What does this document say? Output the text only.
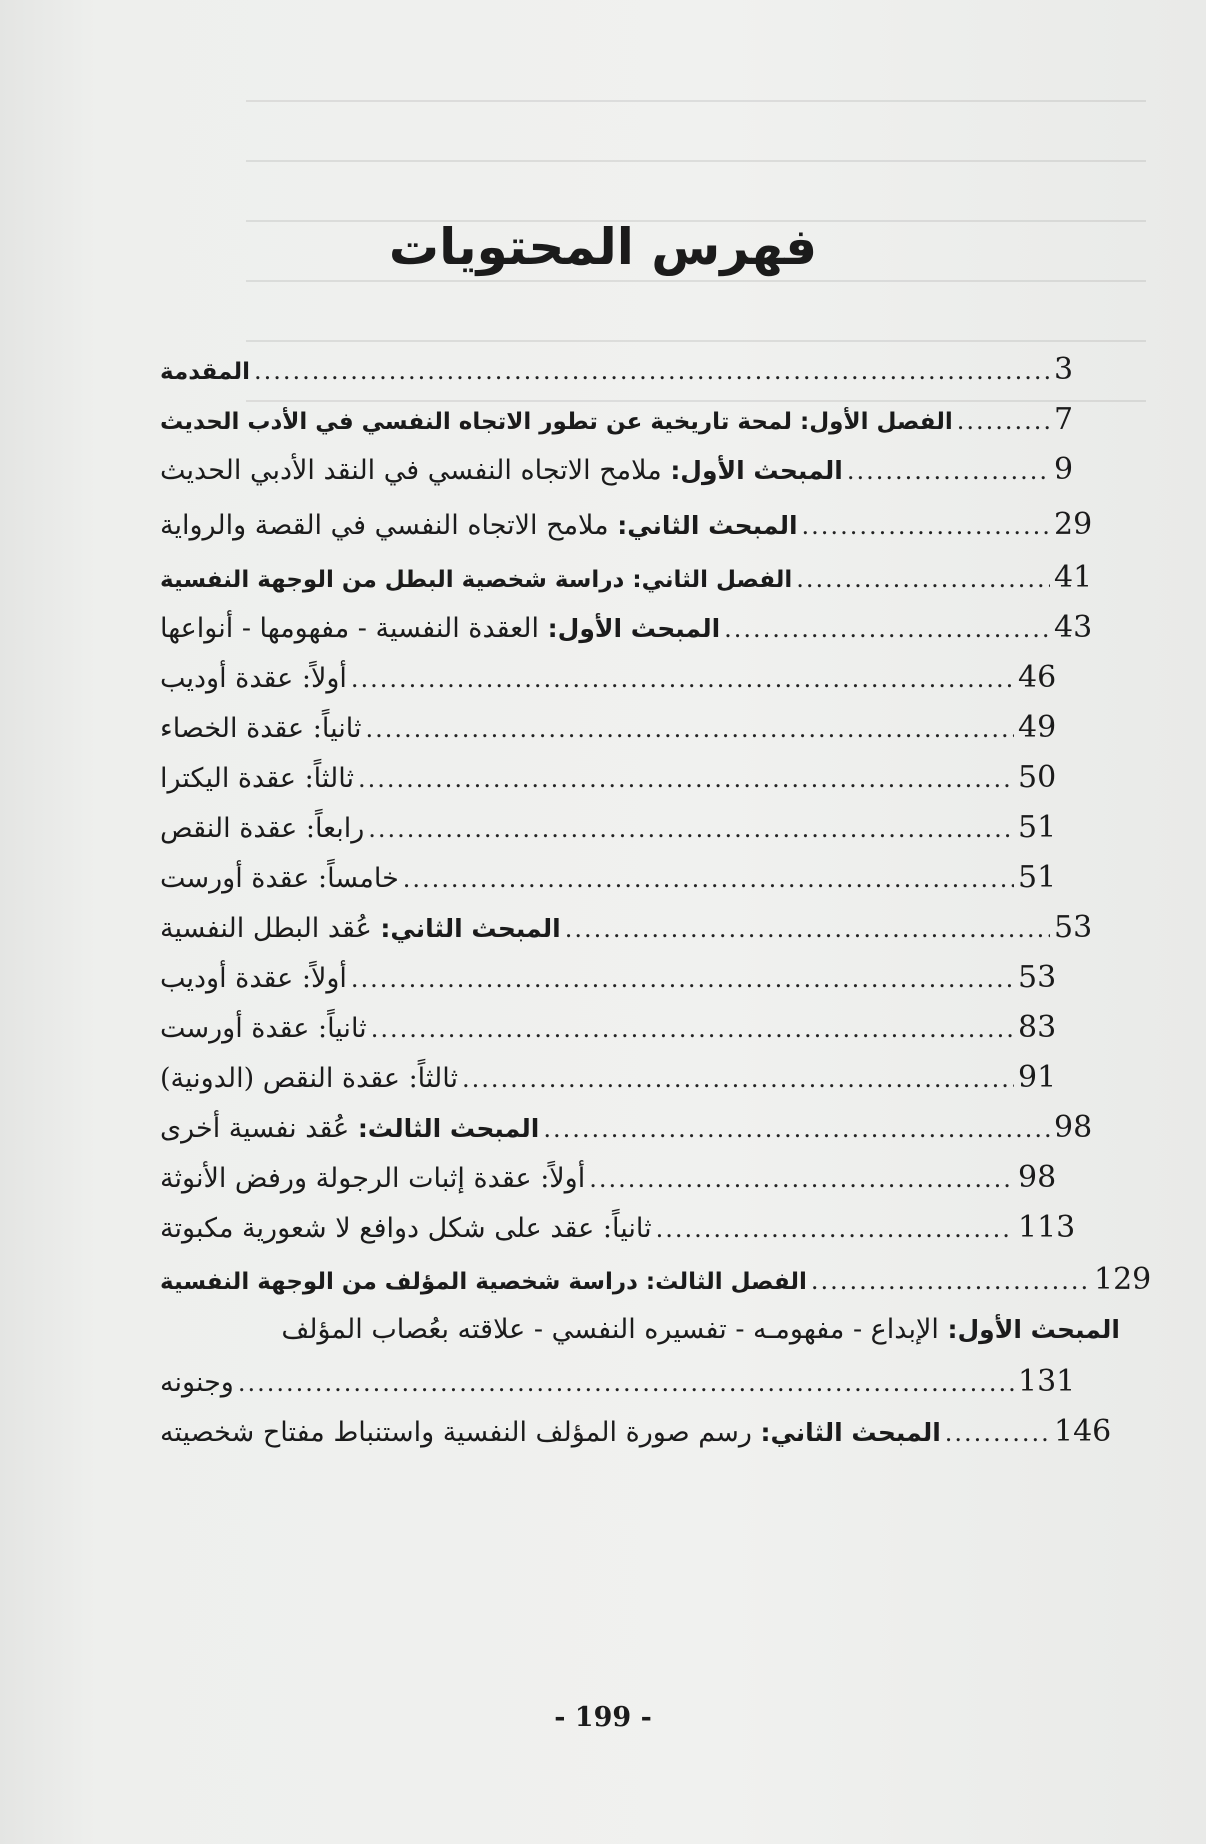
فهرس المحتويات
المقدمة .....	3
الفصل الأول: لمحة تاريخية عن تطور الاتجاه النفسي في الأدب الحديث .....	7
المبحث الأول: ملامح الاتجاه النفسي في النقد الأدبي الحديث .....	9
المبحث الثاني: ملامح الاتجاه النفسي في القصة والرواية .....	29
الفصل الثاني: دراسة شخصية البطل من الوجهة النفسية .....	41
المبحث الأول: العقدة النفسية - مفهومها - أنواعها .....	43
أولاً: عقدة أوديب .....	46
ثانياً: عقدة الخصاء .....	49
ثالثاً: عقدة اليكترا .....	50
رابعاً: عقدة النقص .....	51
خامساً: عقدة أورست .....	51
المبحث الثاني: عُقد البطل النفسية .....	53
أولاً: عقدة أوديب .....	53
ثانياً: عقدة أورست .....	83
ثالثاً: عقدة النقص (الدونية) .....	91
المبحث الثالث: عُقد نفسية أخرى .....	98
أولاً: عقدة إثبات الرجولة ورفض الأنوثة .....	98
ثانياً: عقد على شكل دوافع لا شعورية مكبوتة .....	113
الفصل الثالث: دراسة شخصية المؤلف من الوجهة النفسية .....	129
المبحث الأول: الإبداع - مفهومـه - تفسيره النفسي - علاقته بعُصاب المؤلف
وجنونه .....	131
المبحث الثاني: رسم صورة المؤلف النفسية واستنباط مفتاح شخصيته .....	146
- 199 -
